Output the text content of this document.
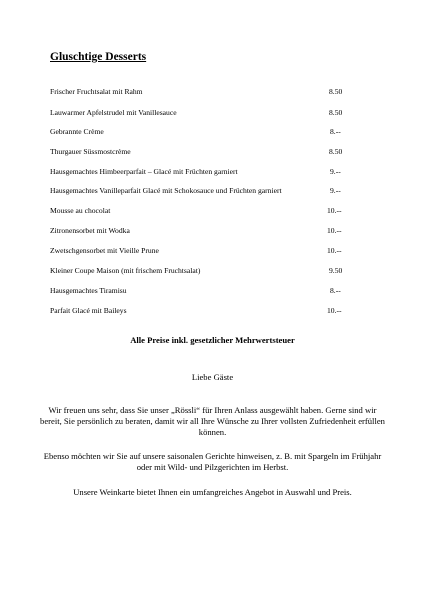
Gluschtige Desserts
Frischer Fruchtsalat mit Rahm	8.50
Lauwarmer Apfelstrudel mit Vanillesauce	8.50
Gebrannte Crème	8.--
Thurgauer Süssmostcrème	8.50
Hausgemachtes Himbeerparfait – Glacé mit Früchten garniert	9.--
Hausgemachtes Vanilleparfait Glacé mit Schokosauce und Früchten garniert	9.--
Mousse au chocolat	10.--
Zitronensorbet mit Wodka	10.--
Zwetschgensorbet mit Vieille Prune	10.--
Kleiner Coupe Maison (mit frischem Fruchtsalat)	9.50
Hausgemachtes Tiramisu	8.--
Parfait Glacé mit Baileys	10.--
Alle Preise inkl. gesetzlicher Mehrwertsteuer
Liebe Gäste
Wir freuen uns sehr, dass Sie unser „Rössli“ für Ihren Anlass ausgewählt haben. Gerne sind wir bereit, Sie persönlich zu beraten, damit wir all Ihre Wünsche zu Ihrer vollsten Zufriedenheit erfüllen können.
Ebenso möchten wir Sie auf unsere saisonalen Gerichte hinweisen, z. B. mit Spargeln im Frühjahr oder mit Wild- und Pilzgerichten im Herbst.
Unsere Weinkarte bietet Ihnen ein umfangreiches Angebot in Auswahl und Preis.
